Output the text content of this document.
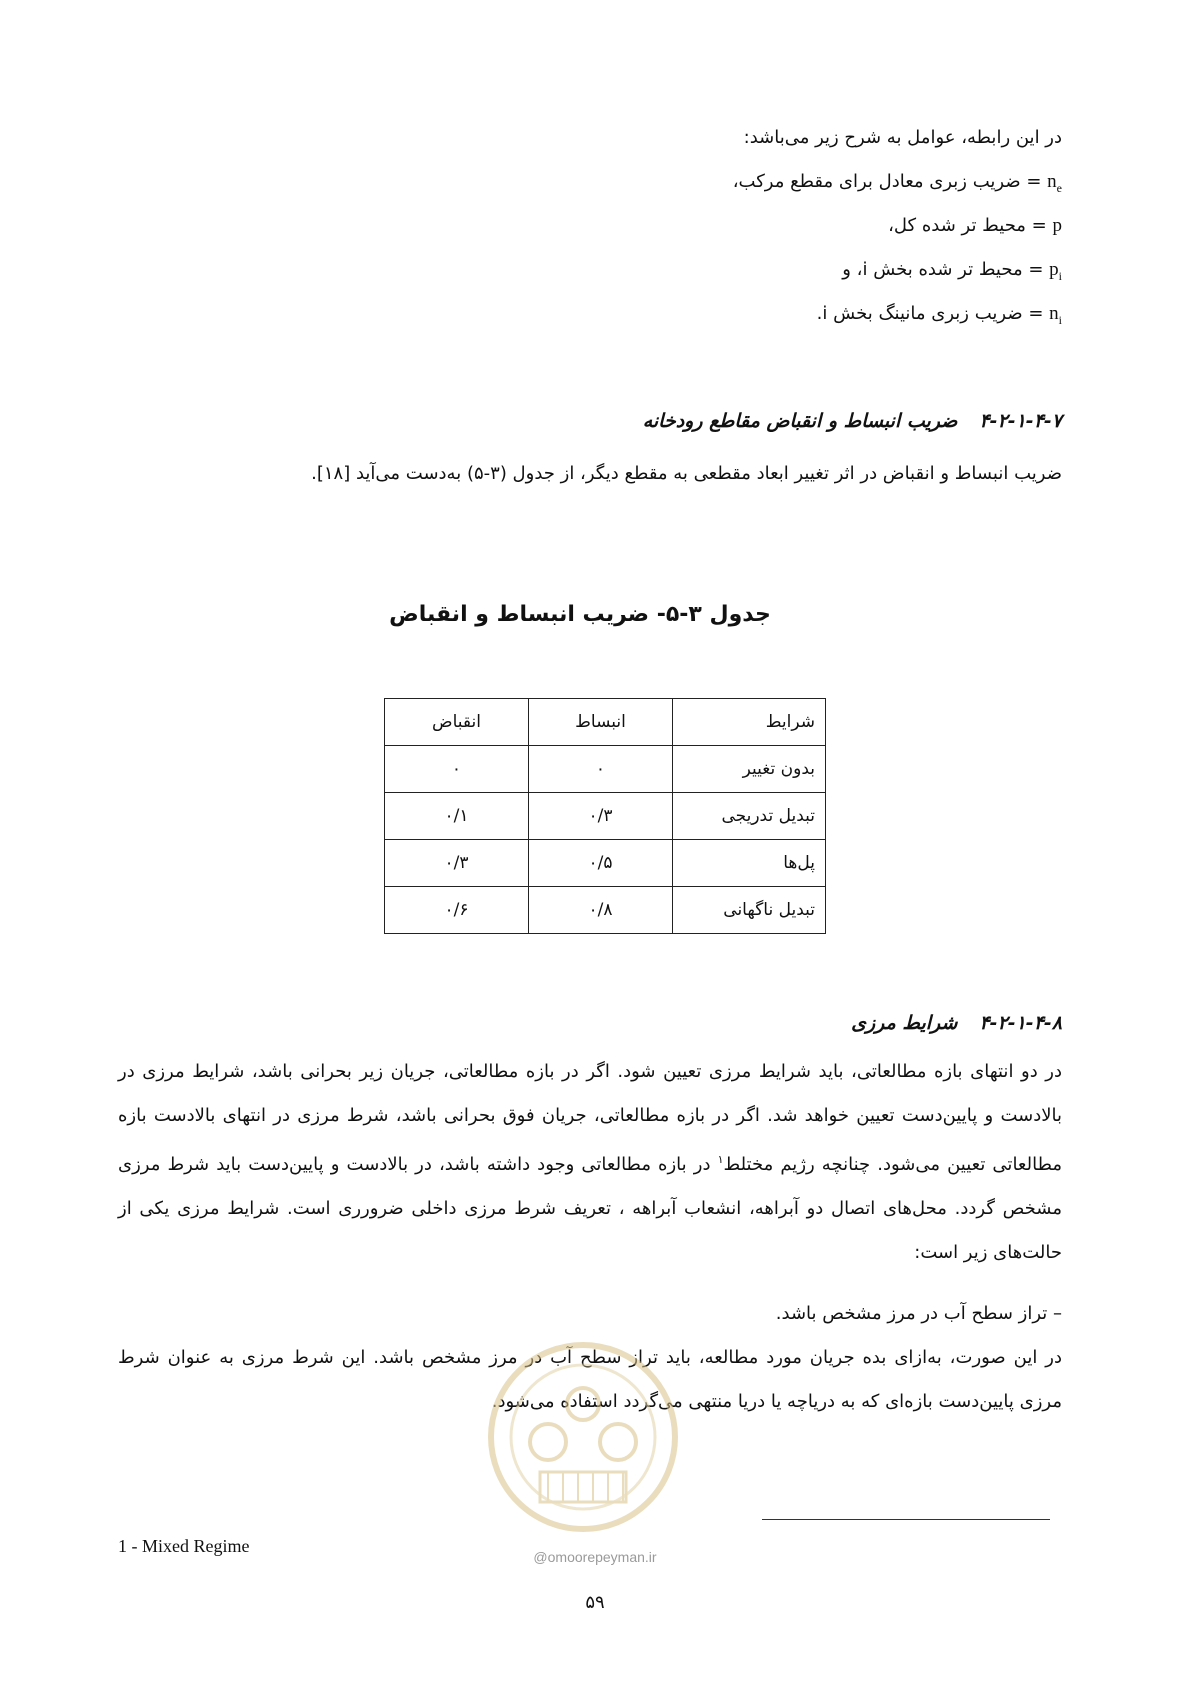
در این رابطه، عوامل به شرح زیر می‌باشد:
$n_e$ = ضریب زبری معادل برای مقطع مرکب،
p = محیط تر شده کل،
$p_i$ = محیط تر شده بخش i، و
$n_i$ = ضریب زبری مانینگ بخش i.
۴-۲-۱-۴-۷ضریب انبساط و انقباض مقاطع رودخانه
ضریب انبساط و انقباض در اثر تغییر ابعاد مقطعی به مقطع دیگر، از جدول (۳-۵) به‌دست می‌آید [۱۸].
جدول ۳-۵- ضریب انبساط و انقباض
شرایط	انبساط	انقباض
بدون تغییر	۰	۰
تبدیل تدریجی	۰/۳	۰/۱
پل‌ها	۰/۵	۰/۳
تبدیل ناگهانی	۰/۸	۰/۶
۴-۲-۱-۴-۸شرایط مرزی
در دو انتهای بازه مطالعاتی، باید شرایط مرزی تعیین شود. اگر در بازه مطالعاتی، جریان زیر بحرانی باشد، شرایط مرزی در بالادست و پایین‌دست تعیین خواهد شد. اگر در بازه مطالعاتی، جریان فوق بحرانی باشد، شرط مرزی در انتهای بالادست بازه مطالعاتی تعیین می‌شود. چنانچه رژیم مختلط$^۱$ در بازه مطالعاتی وجود داشته باشد، در بالادست و پایین‌دست باید شرط مرزی مشخص گردد. محل‌های اتصال دو آبراهه، انشعاب آبراهه ، تعریف شرط مرزی داخلی ضرورری است. شرایط مرزی یکی از حالت‌های زیر است:
– تراز سطح آب در مرز مشخص باشد.
در این صورت، به‌ازای بده جریان مورد مطالعه، باید تراز سطح آب در مرز مشخص باشد. این شرط مرزی به عنوان شرط مرزی پایین‌دست بازه‌ای که به دریاچه یا دریا منتهی می‌گردد استفاده می‌شود.
1 - Mixed Regime
@omoorepeyman.ir
۵۹
